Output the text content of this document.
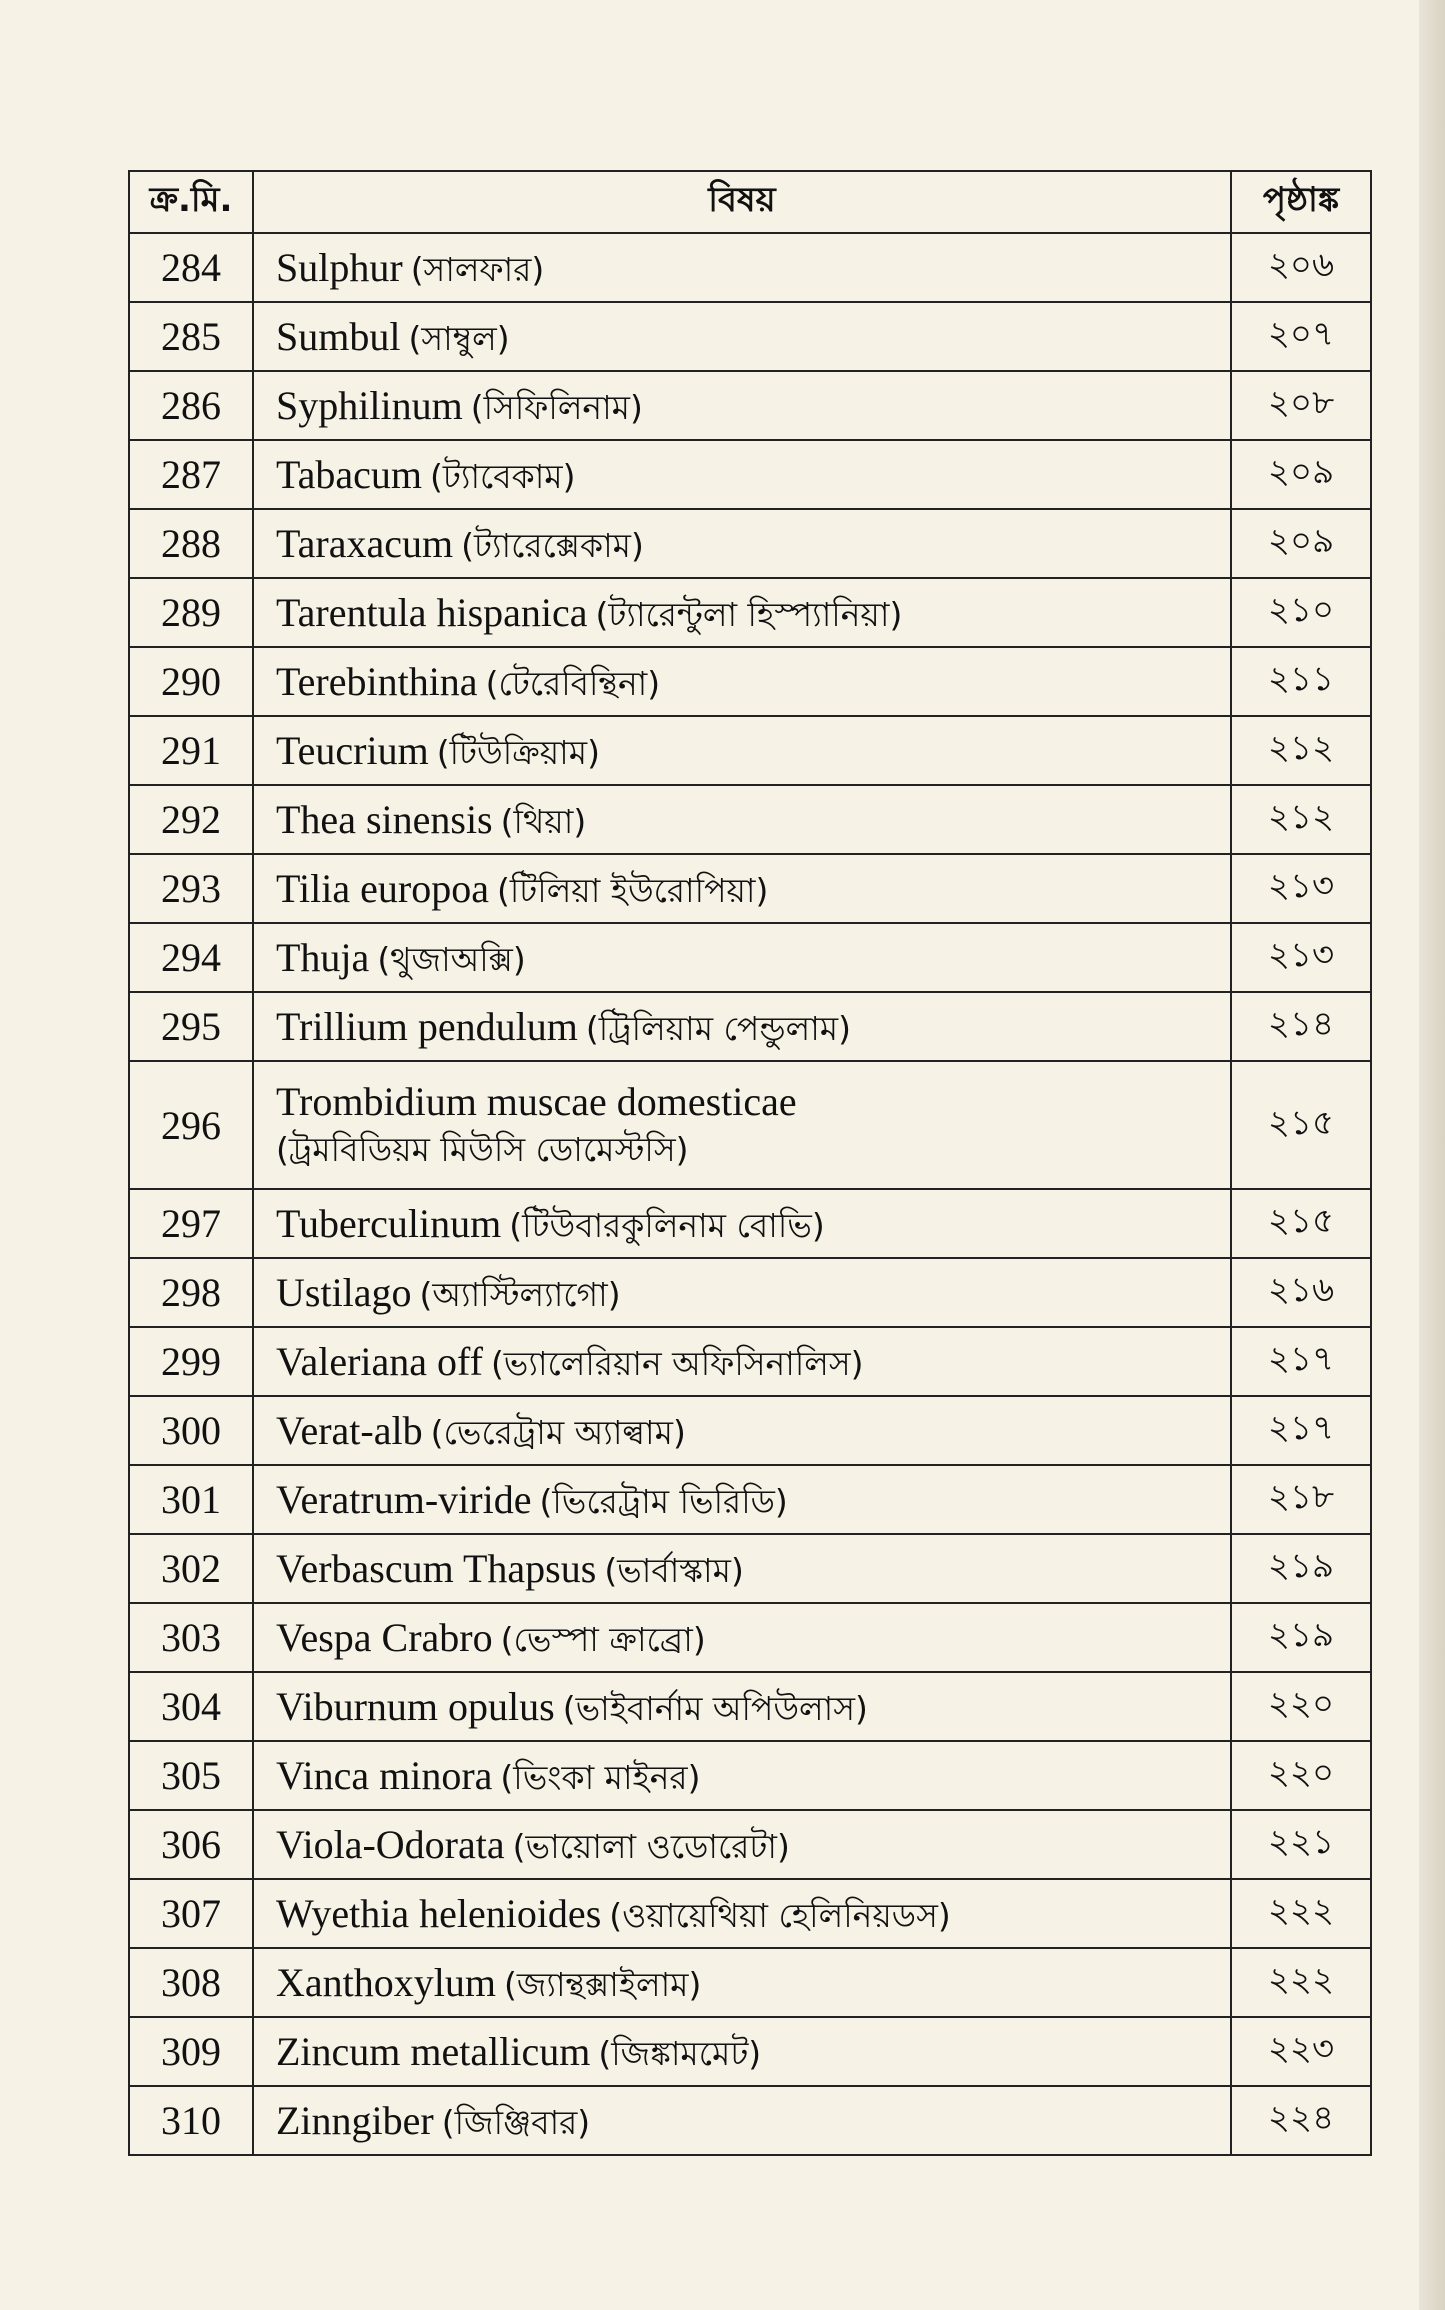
ক্র.মি.	বিষয়	পৃষ্ঠাঙ্ক
284	Sulphur (সালফার)	২০৬
285	Sumbul (সাম্বুল)	২০৭
286	Syphilinum (সিফিলিনাম)	২০৮
287	Tabacum (ট্যাবেকাম)	২০৯
288	Taraxacum (ট্যারেক্সেকাম)	২০৯
289	Tarentula hispanica (ট্যারেন্টুলা হিস্প্যানিয়া)	২১০
290	Terebinthina (টেরেবিন্থিনা)	২১১
291	Teucrium (টিউক্রিয়াম)	২১২
292	Thea sinensis (থিয়া)	২১২
293	Tilia europoa (টিলিয়া ইউরোপিয়া)	২১৩
294	Thuja (থুজাঅক্সি)	২১৩
295	Trillium pendulum (ট্রিলিয়াম পেন্ডুলাম)	২১৪
296	Trombidium muscae domesticae
(ট্রমবিডিয়ম মিউসি ডোমেস্টসি)	২১৫
297	Tuberculinum (টিউবারকুলিনাম বোভি)	২১৫
298	Ustilago (অ্যাস্টিল্যাগো)	২১৬
299	Valeriana off (ভ্যালেরিয়ান অফিসিনালিস)	২১৭
300	Verat-alb (ভেরেট্রাম অ্যাল্বাম)	২১৭
301	Veratrum-viride (ভিরেট্রাম ভিরিডি)	২১৮
302	Verbascum Thapsus (ভার্বাস্কাম)	২১৯
303	Vespa Crabro (ভেস্পা ক্রাব্রো)	২১৯
304	Viburnum opulus (ভাইবার্নাম অপিউলাস)	২২০
305	Vinca minora (ভিংকা মাইনর)	২২০
306	Viola-Odorata (ভায়োলা ওডোরেটা)	২২১
307	Wyethia helenioides (ওয়ায়েথিয়া হেলিনিয়ডস)	২২২
308	Xanthoxylum (জ্যান্থক্সাইলাম)	২২২
309	Zincum metallicum (জিঙ্কামমেট)	২২৩
310	Zinngiber (জিঞ্জিবার)	২২৪
